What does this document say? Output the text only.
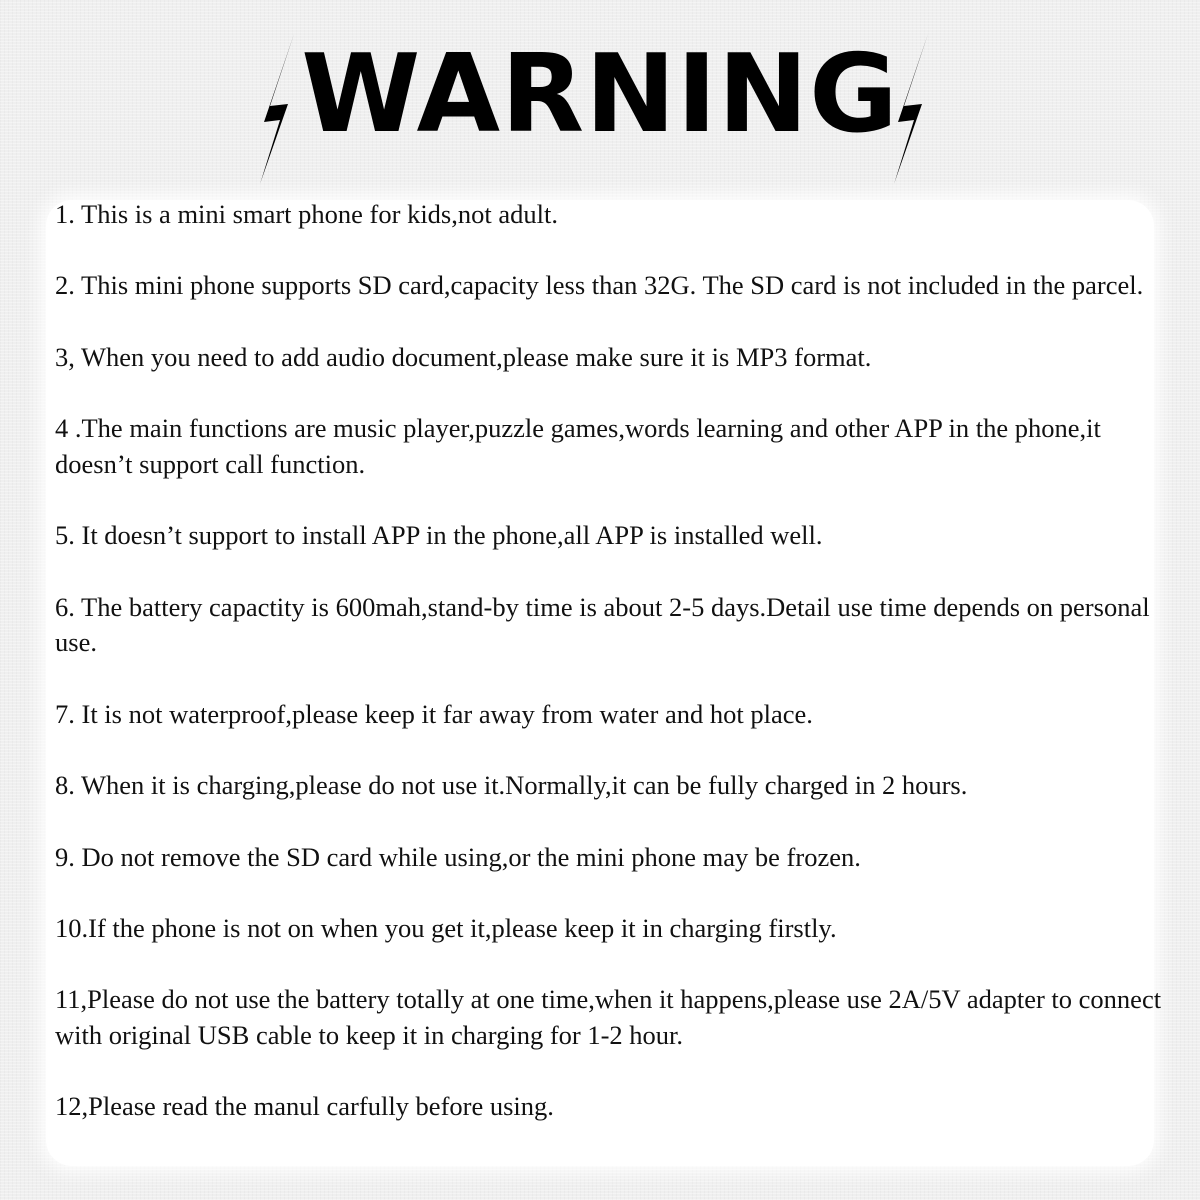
WARNING
1. This is a mini smart phone for kids,not adult.
2. This mini phone supports SD card,capacity less than 32G. The SD card is not included in the parcel.
3, When you need to add audio document,please make sure it is MP3 format.
4 .The main functions are music player,puzzle games,words learning and other APP in the phone,it doesn’t support call function.
5. It doesn’t support to install APP in the phone,all APP is installed well.
6. The battery capactity is 600mah,stand-by time is about 2-5 days.Detail use time depends on personal use.
7. It is not waterproof,please keep it far away from water and hot place.
8. When it is charging,please do not use it.Normally,it can be fully charged in 2 hours.
9. Do not remove the SD card while using,or the mini phone may be frozen.
10.If the phone is not on when you get it,please keep it in charging firstly.
11,Please do not use the battery totally at one time,when it happens,please use 2A/5V adapter to connect with original USB cable to keep it in charging for 1-2 hour.
12,Please read the manul carfully before using.
